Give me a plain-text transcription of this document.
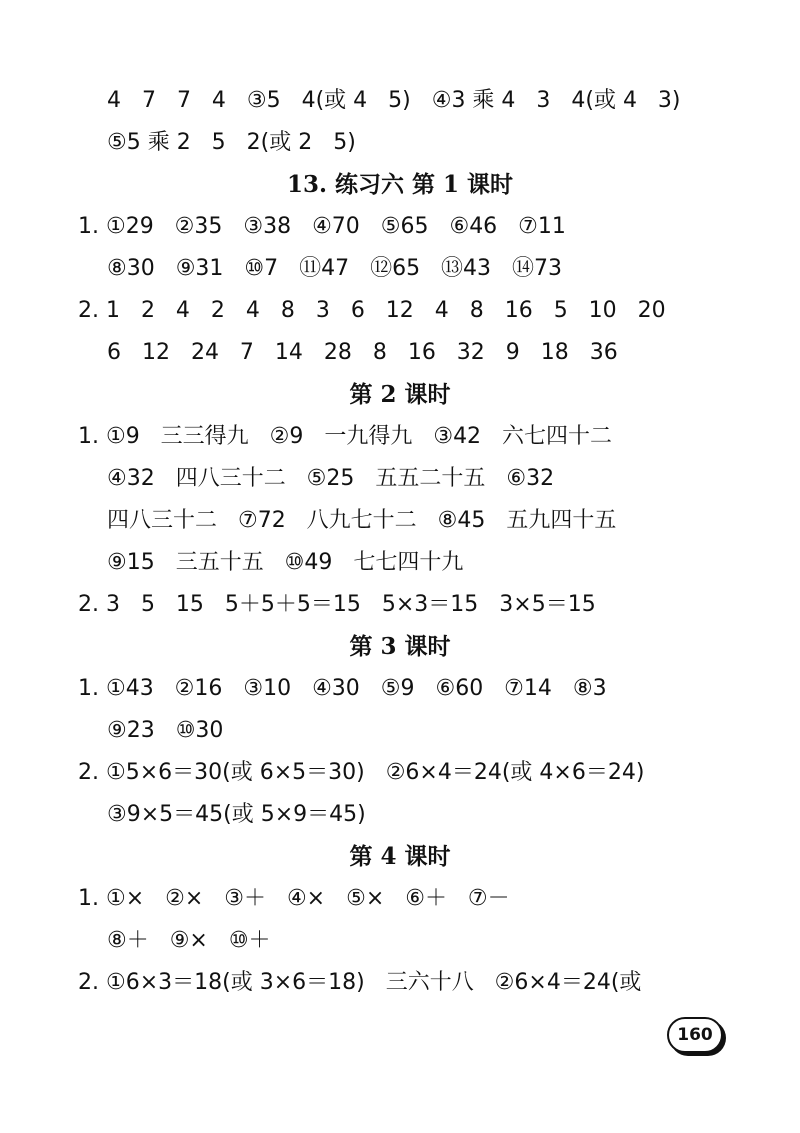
4   7   7   4   ③5   4(或 4   5)   ④3 乘 4   3   4(或 4   3)
⑤5 乘 2   5   2(或 2   5)
13. 练习六 第 1 课时
1. ①29   ②35   ③38   ④70   ⑤65   ⑥46   ⑦11
⑧30   ⑨31   ⑩7   ⑪47   ⑫65   ⑬43   ⑭73
2. 1   2   4   2   4   8   3   6   12   4   8   16   5   10   20
6   12   24   7   14   28   8   16   32   9   18   36
第 2 课时
1. ①9   三三得九   ②9   一九得九   ③42   六七四十二
④32   四八三十二   ⑤25   五五二十五   ⑥32
四八三十二   ⑦72   八九七十二   ⑧45   五九四十五
⑨15   三五十五   ⑩49   七七四十九
2. 3   5   15   5＋5＋5＝15   5×3＝15   3×5＝15
第 3 课时
1. ①43   ②16   ③10   ④30   ⑤9   ⑥60   ⑦14   ⑧3
⑨23   ⑩30
2. ①5×6＝30(或 6×5＝30)   ②6×4＝24(或 4×6＝24)
③9×5＝45(或 5×9＝45)
第 4 课时
1. ①×   ②×   ③＋   ④×   ⑤×   ⑥＋   ⑦－
⑧＋   ⑨×   ⑩＋
2. ①6×3＝18(或 3×6＝18)   三六十八   ②6×4＝24(或
160
